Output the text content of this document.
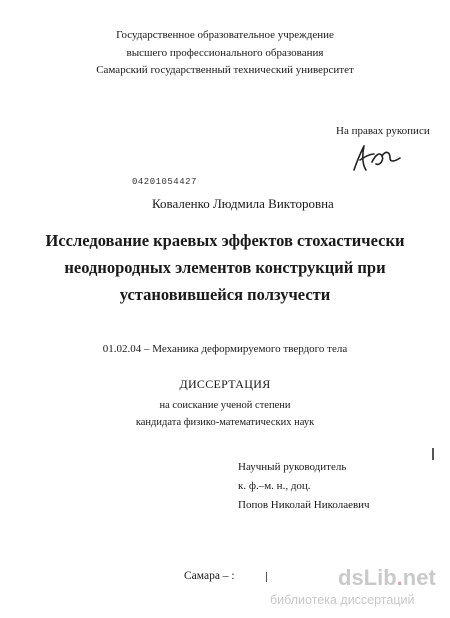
Государственное образовательное учреждение
высшего профессионального образования
Самарский государственный технический университет
На правах рукописи
04201054427
Коваленко Людмила Викторовна
Исследование краевых эффектов стохастически
неоднородных элементов конструкций при
установившейся ползучести
01.02.04 – Механика деформируемого твердого тела
ДИССЕРТАЦИЯ
на соискание ученой степени
кандидата физико-математических наук
Научный руководитель
к. ф.–м. н., доц.
Попов Николай Николаевич
Самара – :	dsLib.net
библиотека диссертаций
